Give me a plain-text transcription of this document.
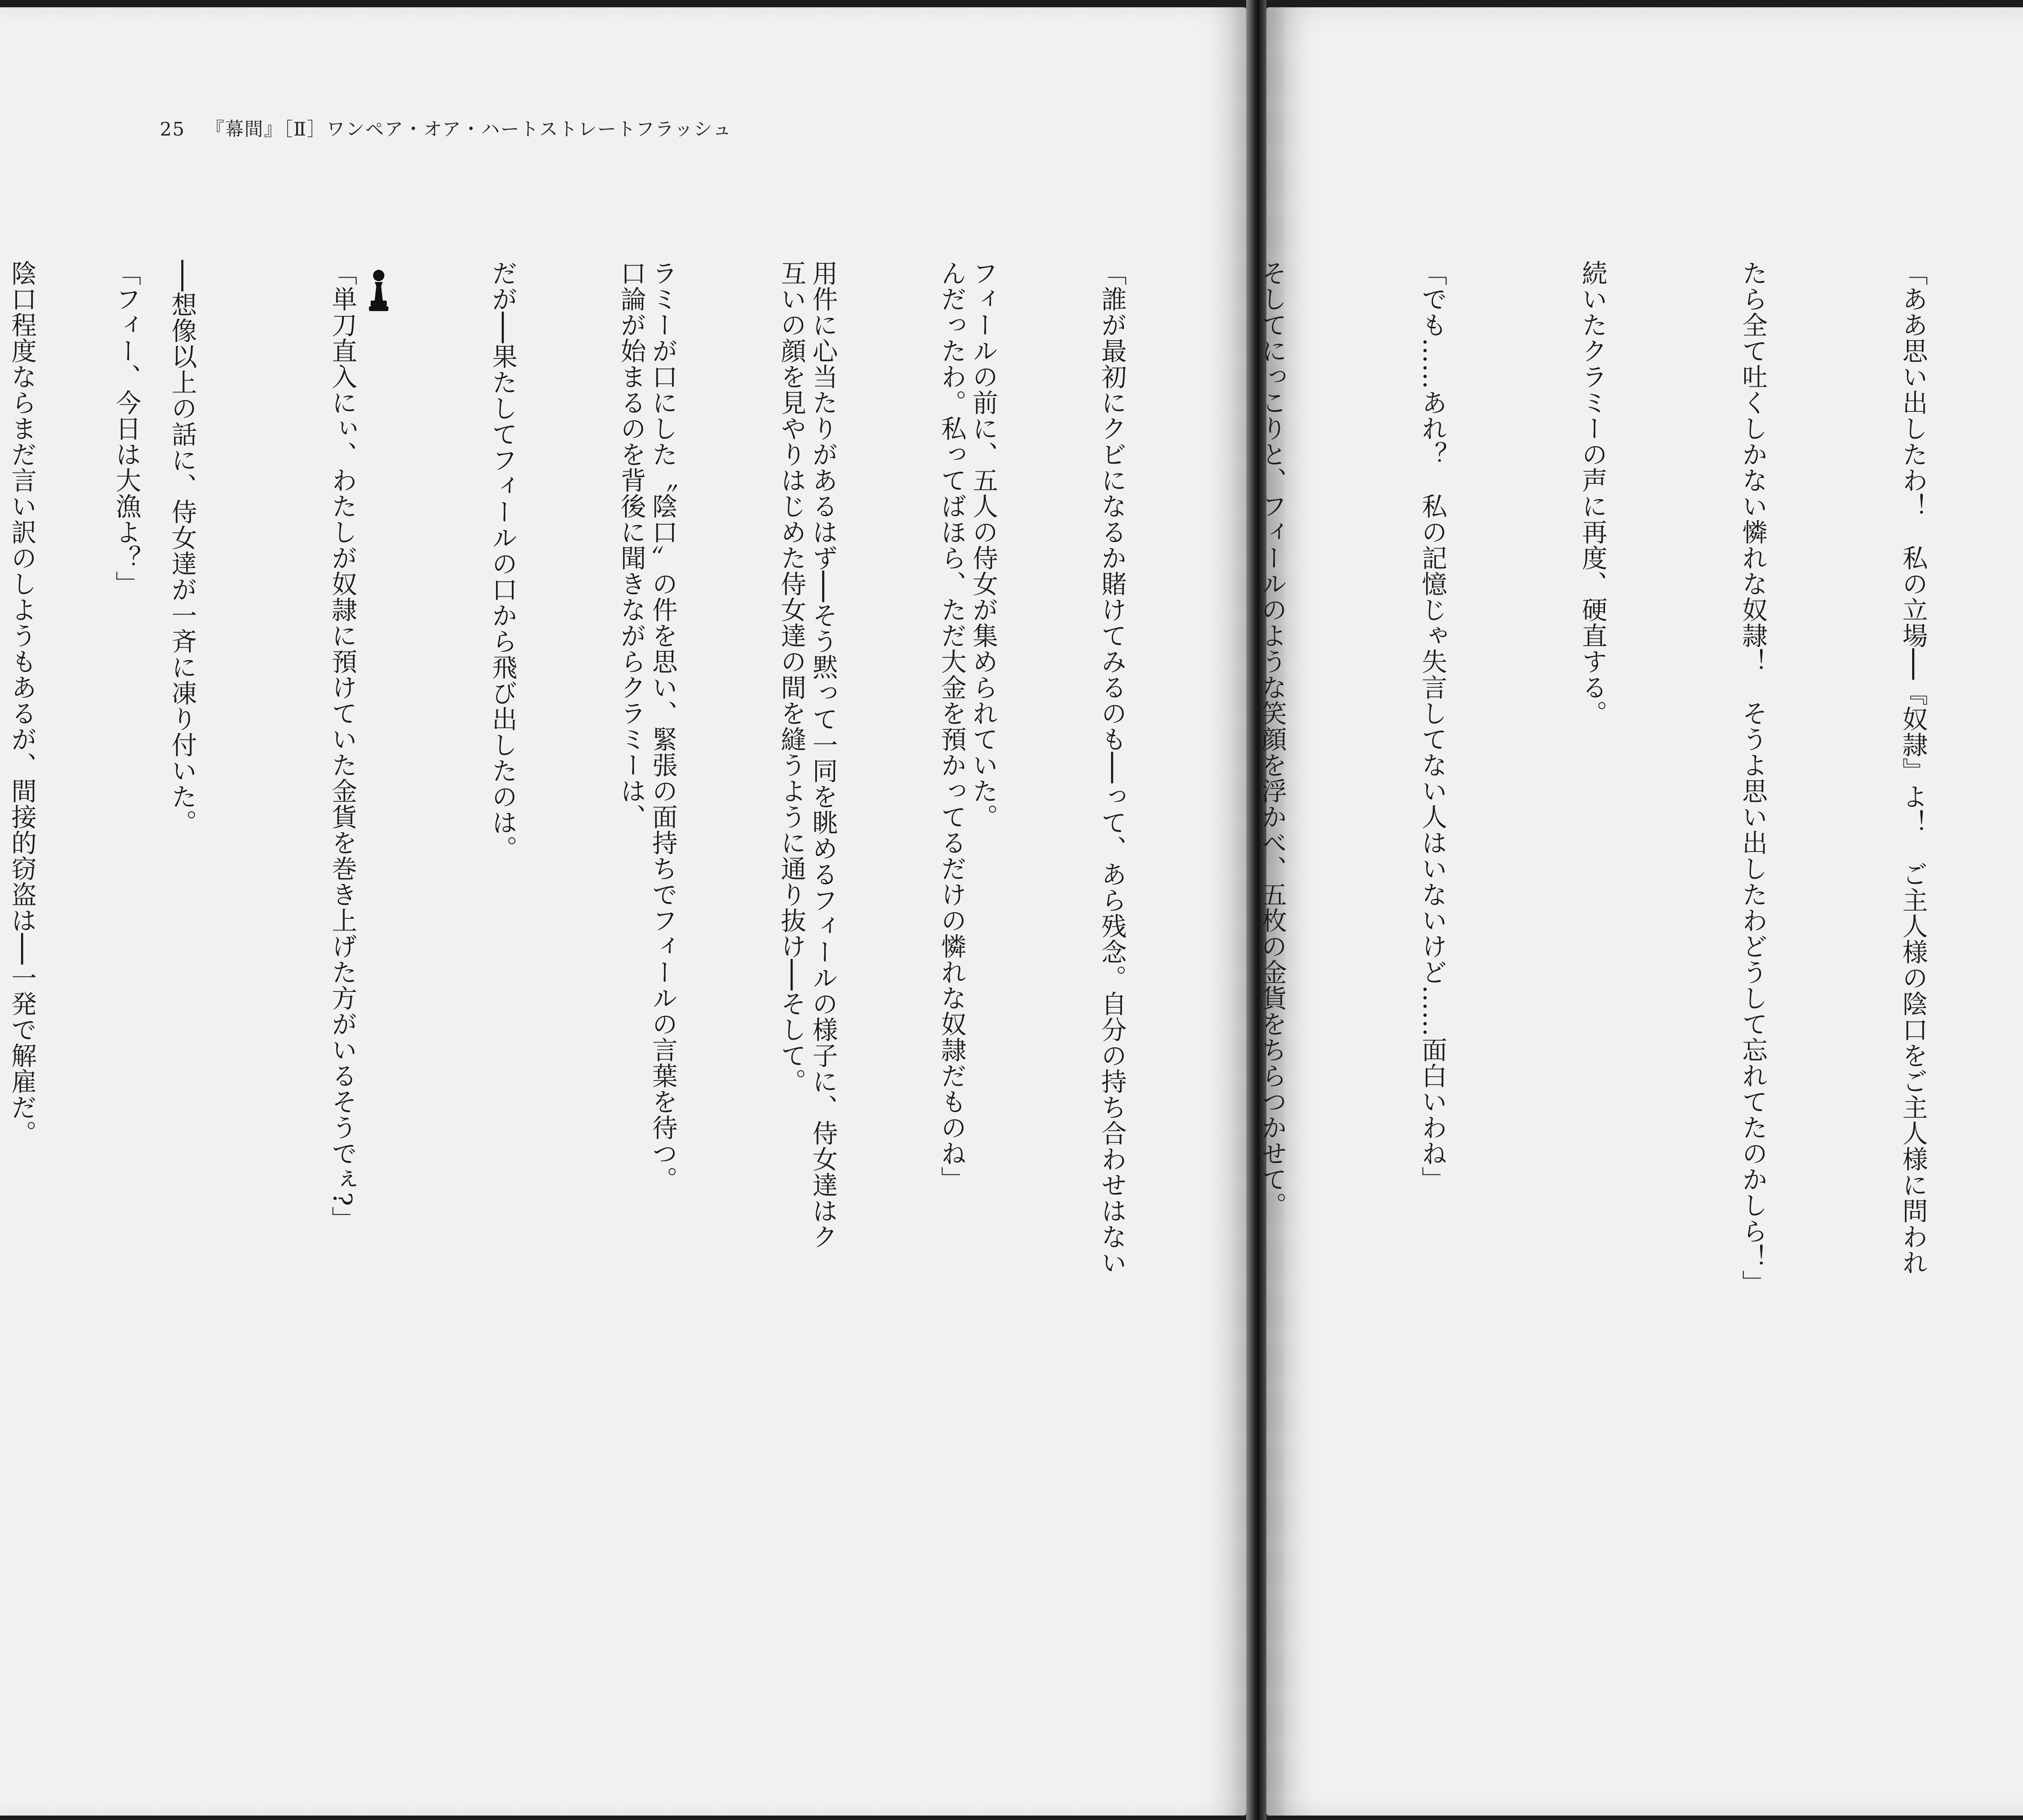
25 『幕間』［Ⅱ］ワンペア・オア・ハートストレートフラッシュ

フィールの前に、五人の侍女が集められていた。

用件に心当たりがあるはず──そう黙って一同を眺めるフィールの様子に、侍女達はク

ラミーが口にした〝陰口〟の件を思い、緊張の面持ちでフィールの言葉を待つ。

だが──果たしてフィールの口から飛び出したのは。

「単刀直入にぃ、わたしが奴隷に預けていた金貨を巻き上げた方がいるそうでぇ?」

──想像以上の話に、侍女達が一斉に凍り付いた。

陰口程度ならまだ言い訳のしようもあるが、間接的窃盗は──一発で解雇だ。

	「ああ思い出したわ！　私の立場──『奴隷』よ！　ご主人様の陰口をご主人様に問われ

たら全て吐くしかない憐れな奴隷！　そうよ思い出したわどうして忘れてたのかしら！」

続いたクラミーの声に再度、硬直する。

「でも……あれ？　私の記憶じゃ失言してない人はいないけど……面白いわね」

そしてにっこりと、フィールのような笑顔を浮かべ、五枚の金貨をちらつかせて。

「誰が最初にクビになるか賭けてみるのも──って、あら残念。自分の持ち合わせはない

んだったわ。私ってばほら、ただ大金を預かってるだけの憐れな奴隷だものね」

互いの顔を見やりはじめた侍女達の間を縫うように通り抜け──そして。

口論が始まるのを背後に聞きながらクラミーは、

「フィー、今日は大漁よ？」
